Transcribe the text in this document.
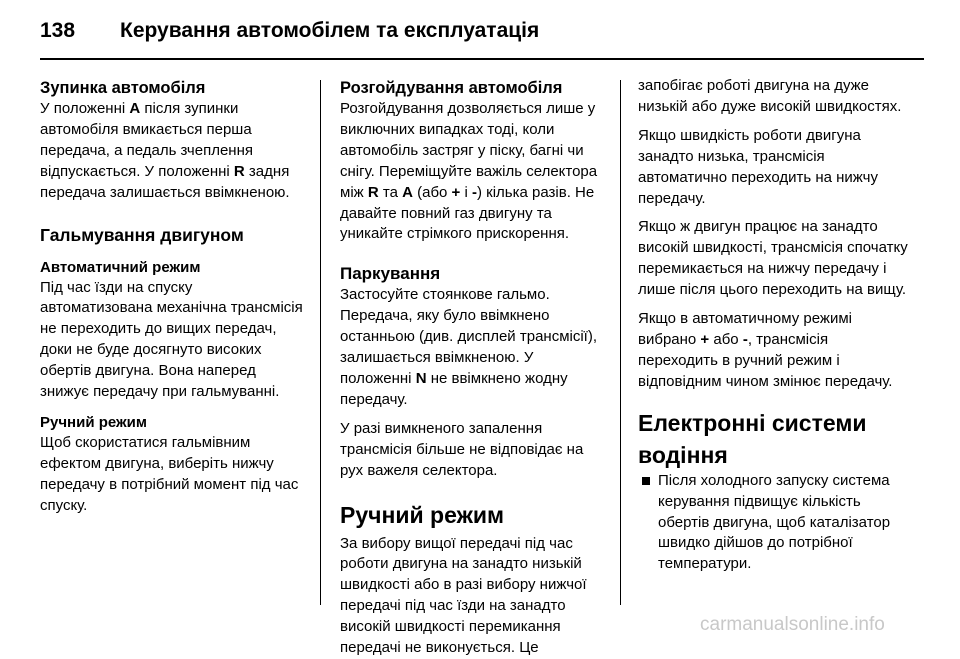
138 Керування автомобілем та експлуатація
Зупинка автомобіля

У положенні A після зупинки автомобіля вмикається перша передача, а педаль зчеплення відпускається. У положенні R задня передача залишається ввімкненою.

Гальмування двигуном
Автоматичний режим

Під час їзди на спуску автоматизована механічна трансмісія не переходить до вищих передач, доки не буде досягнуто високих обертів двигуна. Вона наперед знижує передачу при гальмуванні.

Ручний режим

Щоб скористатися гальмівним ефектом двигуна, виберіть нижчу передачу в потрібний момент під час спуску.

Розгойдування автомобіля

Розгойдування дозволяється лише у виключних випадках тоді, коли автомобіль застряг у піску, багні чи снігу. Переміщуйте важіль селектора між R та A (або + і -) кілька разів. Не давайте повний газ двигуну та уникайте стрімкого прискорення.

Паркування

Застосуйте стоянкове гальмо. Передача, яку було ввімкнено останньою (див. дисплей трансмісії), залишається ввімкненою. У положенні N не ввімкнено жодну передачу.

У разі вимкненого запалення трансмісія більше не відповідає на рух важеля селектора.

Ручний режим

За вибору вищої передачі під час роботи двигуна на занадто низькій швидкості або в разі вибору нижчої передачі під час їзди на занадто високій швидкості перемикання передачі не виконується. Це

запобігає роботі двигуна на дуже низькій або дуже високій швидкостях.

Якщо швидкість роботи двигуна занадто низька, трансмісія автоматично переходить на нижчу передачу.

Якщо ж двигун працює на занадто високій швидкості, трансмісія спочатку перемикається на нижчу передачу і лише після цього переходить на вищу.

Якщо в автоматичному режимі вибрано + або -, трансмісія переходить в ручний режим і відповідним чином змінює передачу.

Електронні системи водіння
Після холодного запуску система керування підвищує кількість обертів двигуна, щоб каталізатор швидко дійшов до потрібної температури.
carmanualsonline.info
